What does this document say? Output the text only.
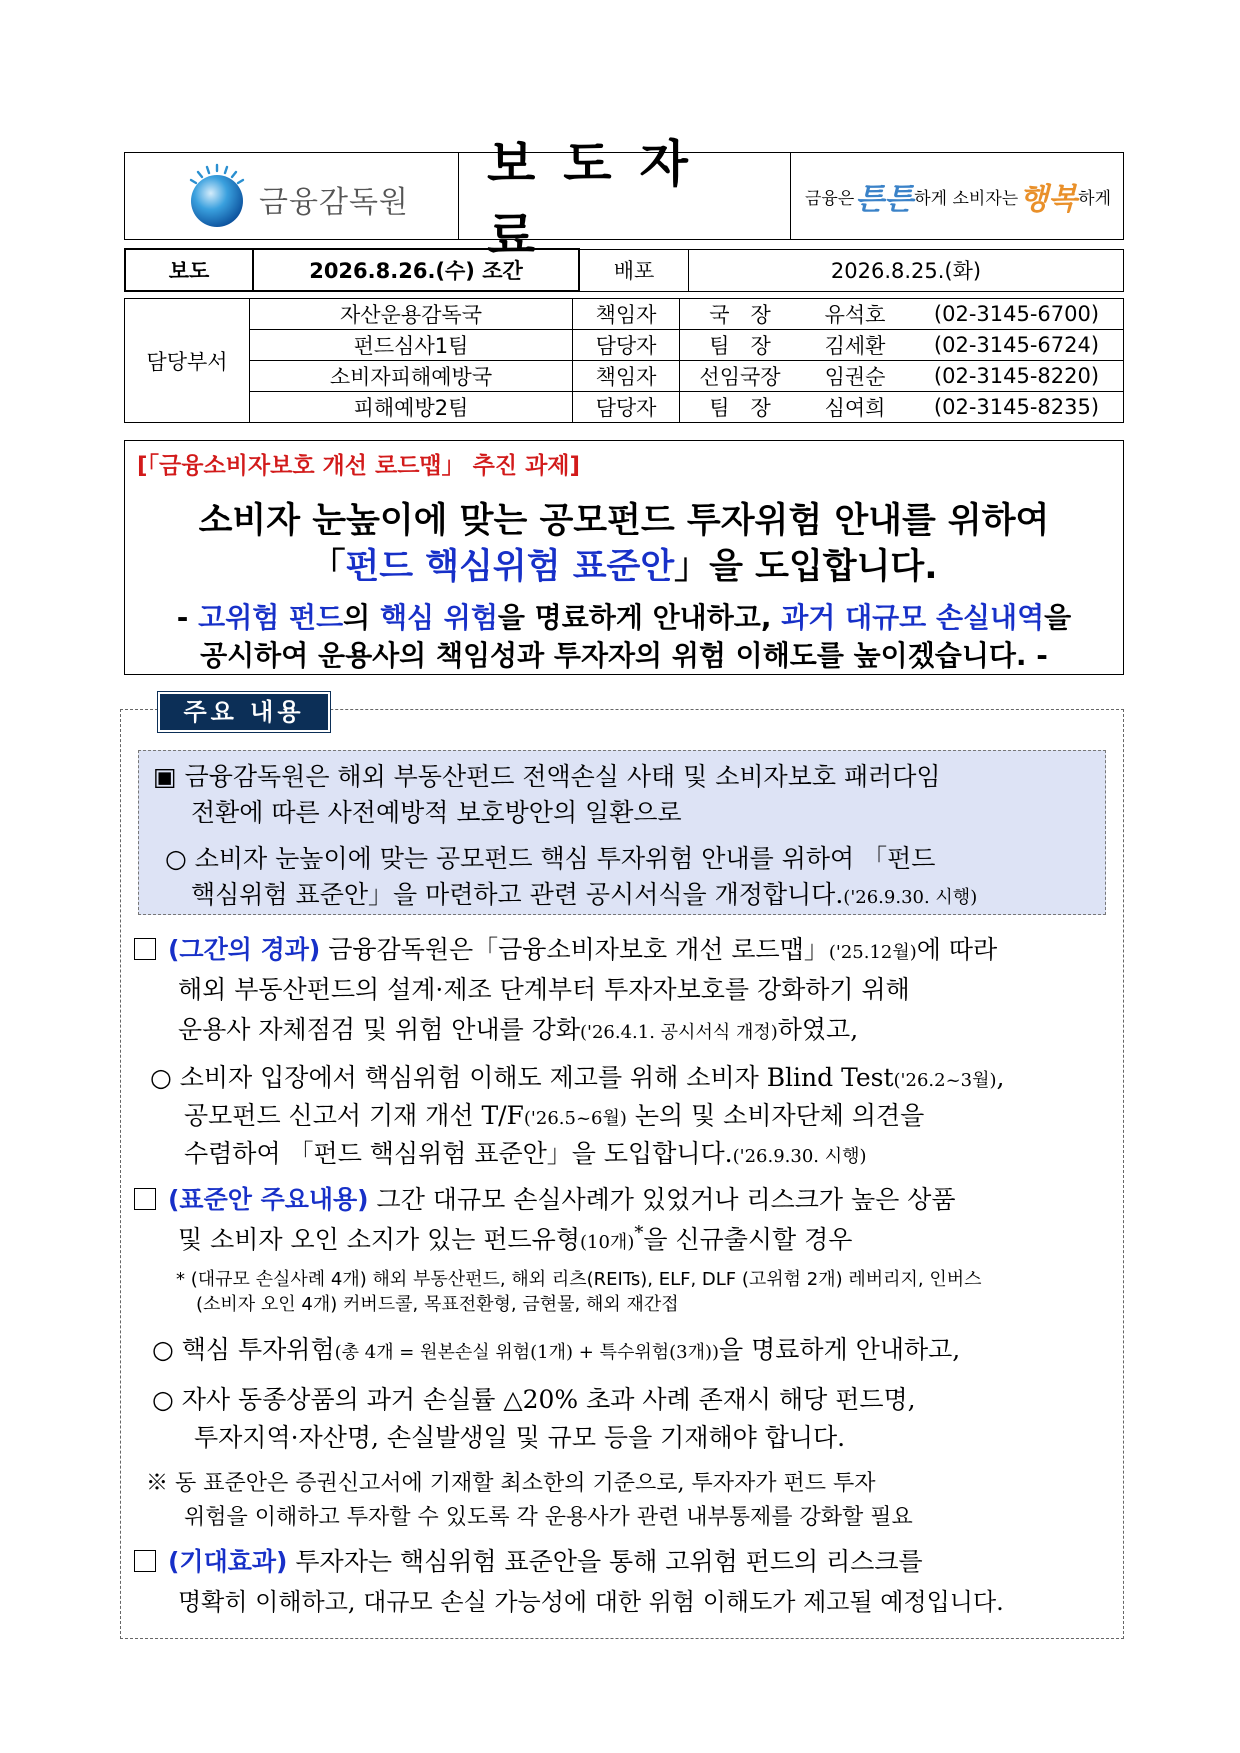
금융감독원
보도자료
금융은 튼튼 하게 소비자는 행복 하게
보도	2026.8.26.(수) 조간	배포	2026.8.25.(화)
담당부서	자산운용감독국	책임자	국　장	유석호	(02-3145-6700)
	펀드심사1팀	담당자	팀　장	김세환	(02-3145-6724)
	소비자피해예방국	책임자	선임국장	임권순	(02-3145-8220)
	피해예방2팀	담당자	팀　장	심여희	(02-3145-8235)
[「금융소비자보호 개선 로드맵」 추진 과제]
소비자 눈높이에 맞는 공모펀드 투자위험 안내를 위하여
「펀드 핵심위험 표준안」을 도입합니다.
- 고위험 펀드의 핵심 위험을 명료하게 안내하고, 과거 대규모 손실내역을
공시하여 운용사의 책임성과 투자자의 위험 이해도를 높이겠습니다. -
주요 내용
▣ 금융감독원은 해외 부동산펀드 전액손실 사태 및 소비자보호 패러다임
전환에 따른 사전예방적 보호방안의 일환으로
○ 소비자 눈높이에 맞는 공모펀드 핵심 투자위험 안내를 위하여 「펀드
핵심위험 표준안」을 마련하고 관련 공시서식을 개정합니다.('26.9.30. 시행)
(그간의 경과) 금융감독원은「금융소비자보호 개선 로드맵」('25.12월)에 따라
해외 부동산펀드의 설계·제조 단계부터 투자자보호를 강화하기 위해
운용사 자체점검 및 위험 안내를 강화('26.4.1. 공시서식 개정)하였고,
○ 소비자 입장에서 핵심위험 이해도 제고를 위해 소비자 Blind Test('26.2~3월),
공모펀드 신고서 기재 개선 T/F('26.5~6월) 논의 및 소비자단체 의견을
수렴하여 「펀드 핵심위험 표준안」을 도입합니다.('26.9.30. 시행)
(표준안 주요내용) 그간 대규모 손실사례가 있었거나 리스크가 높은 상품
및 소비자 오인 소지가 있는 펀드유형(10개)*을 신규출시할 경우
* (대규모 손실사례 4개) 해외 부동산펀드, 해외 리츠(REITs), ELF, DLF (고위험 2개) 레버리지, 인버스
(소비자 오인 4개) 커버드콜, 목표전환형, 금현물, 해외 재간접
○ 핵심 투자위험(총 4개 = 원본손실 위험(1개) + 특수위험(3개))을 명료하게 안내하고,
○ 자사 동종상품의 과거 손실률 △20% 초과 사례 존재시 해당 펀드명,
투자지역·자산명, 손실발생일 및 규모 등을 기재해야 합니다.
※ 동 표준안은 증권신고서에 기재할 최소한의 기준으로, 투자자가 펀드 투자
위험을 이해하고 투자할 수 있도록 각 운용사가 관련 내부통제를 강화할 필요
(기대효과) 투자자는 핵심위험 표준안을 통해 고위험 펀드의 리스크를
명확히 이해하고, 대규모 손실 가능성에 대한 위험 이해도가 제고될 예정입니다.
